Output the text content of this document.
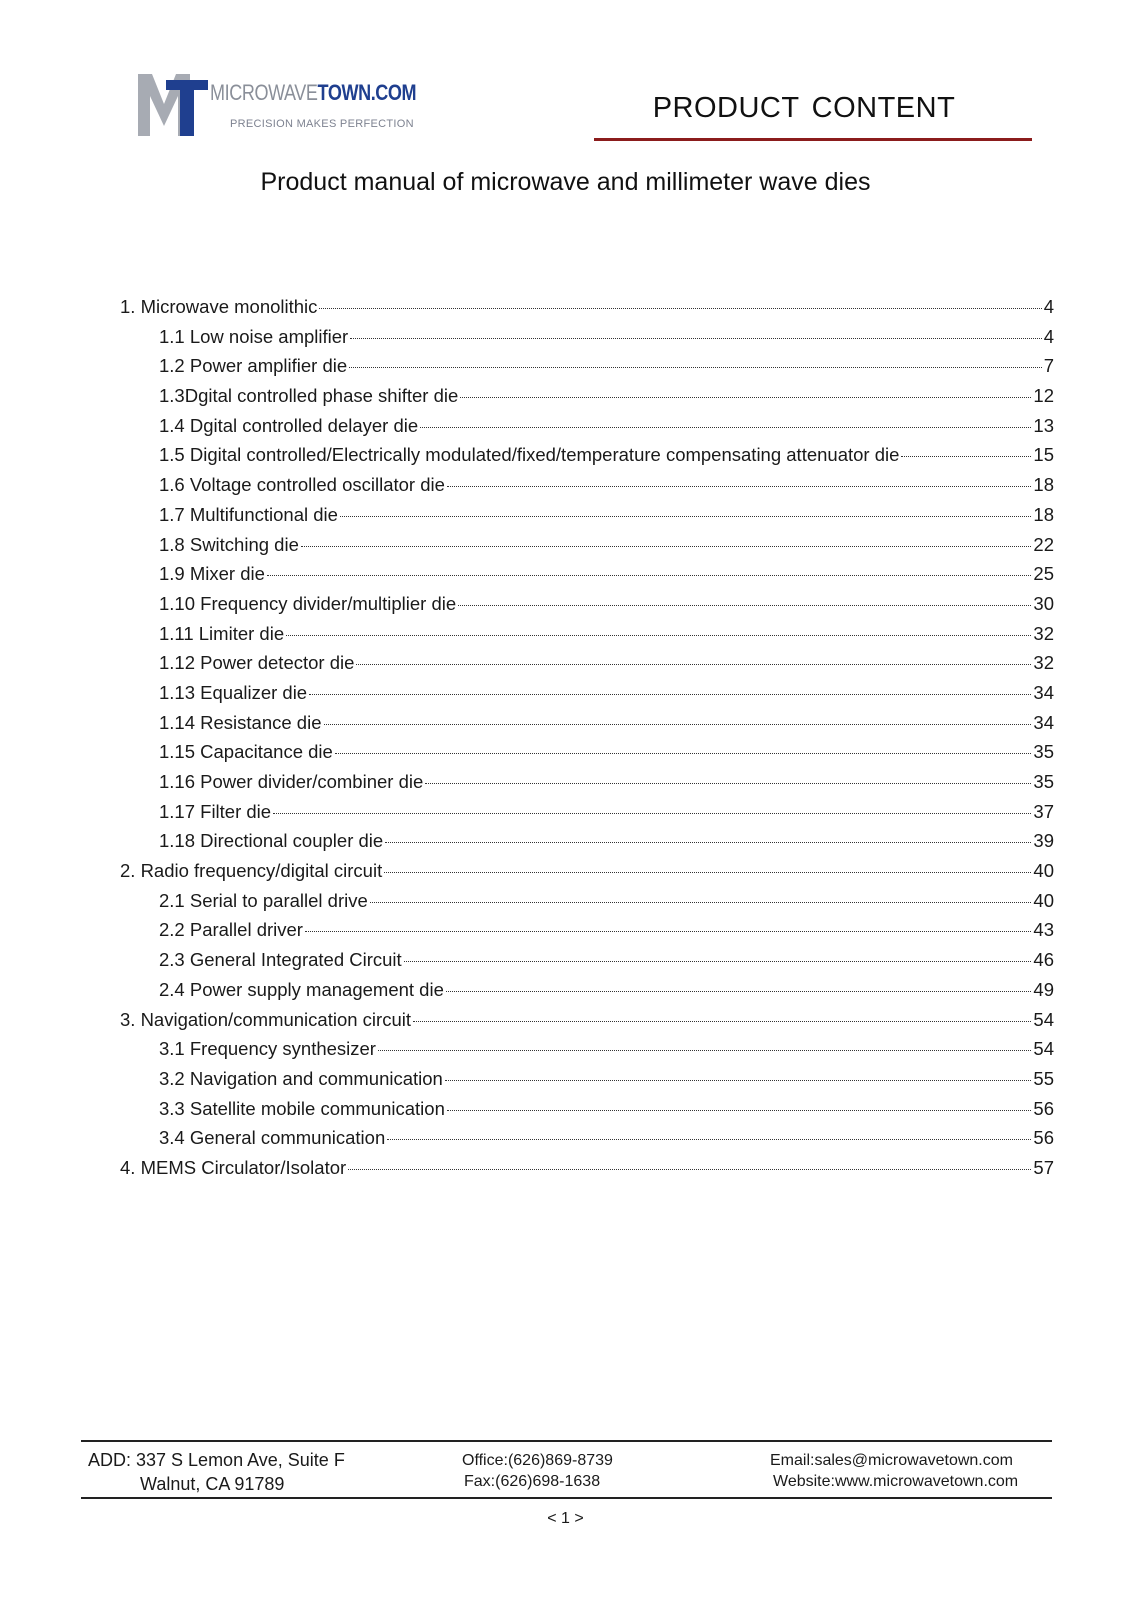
MICROWAVETOWN.COM
PRECISION MAKES PERFECTION	PRODUCT CONTENT
Product manual of microwave and millimeter wave dies
1. Microwave monolithic	4
1.1 Low noise amplifier	4
1.2 Power amplifier die	7
1.3Dgital controlled phase shifter die	12
1.4 Dgital controlled delayer die	13
1.5 Digital controlled/Electrically modulated/fixed/temperature compensating attenuator die	15
1.6 Voltage controlled oscillator die	18
1.7 Multifunctional die	18
1.8 Switching die	22
1.9 Mixer die	25
1.10 Frequency divider/multiplier die	30
1.11 Limiter die	32
1.12 Power detector die	32
1.13 Equalizer die	34
1.14 Resistance die	34
1.15 Capacitance die	35
1.16 Power divider/combiner die	35
1.17 Filter die	37
1.18 Directional coupler die	39
2. Radio frequency/digital circuit	40
2.1 Serial to parallel drive	40
2.2 Parallel driver	43
2.3 General Integrated Circuit	46
2.4 Power supply management die	49
3. Navigation/communication circuit	54
3.1 Frequency synthesizer	54
3.2 Navigation and communication	55
3.3 Satellite mobile communication	56
3.4 General communication	56
4. MEMS Circulator/Isolator	57
ADD: 337 S Lemon Ave, Suite F
Walnut, CA 91789
Office:(626)869-8739
Fax:(626)698-1638
Email:sales@microwavetown.com
Website:www.microwavetown.com
< 1 >
